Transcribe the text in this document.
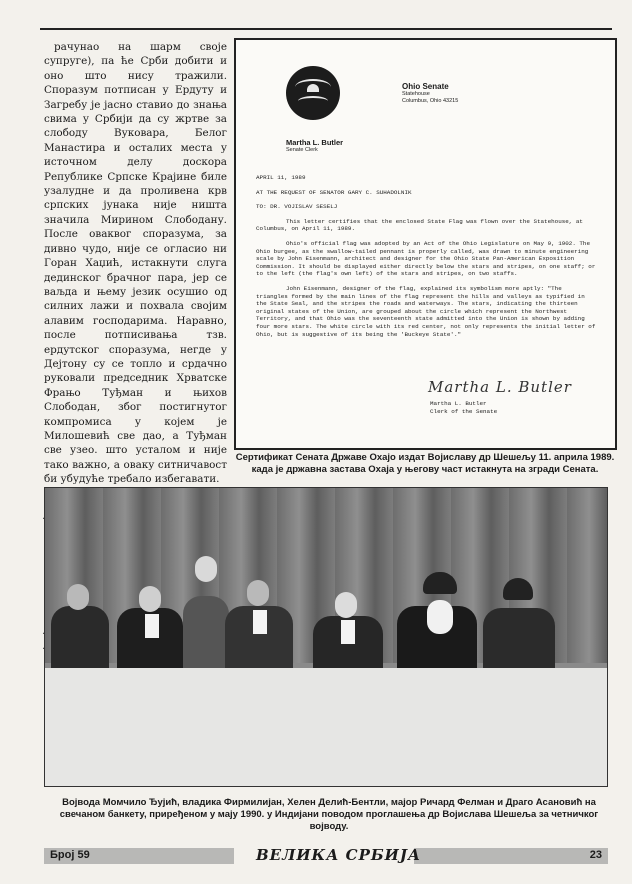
рачунао на шарм своје супруге), па ће Срби добити и оно што нису тражили. Споразум потписан у Ердуту и Загребу је јасно ставио до знања свима у Србији да су жртве за слободу Вуковара, Белог Манастира и осталих места у источном делу доскора Републике Српске Крајине биле узалудне и да проливена крв српских јунака није ништа значила Мирином Слободану. После оваквог споразума, за дивно чудо, није се огласио ни Горан Хаџић, истакнути слуга дединског брачног пара, јер се ваљда и њему језик осушио од силних лажи и похвала својим алавим господарима. Наравно, после потписивања тзв. ердутског споразума, негде у Дејтону су се топло и срдачно руковали председник Хрватске Фрањо Туђман и њихов Слободан, због постигнутог компромиса у којем је Милошевић све дао, а Туђман све узео. што усталом и није тако важно, а оваку ситничавост би убудуће требало избегавати.

Martha L. Butler
Senate Clerk
Ohio Senate
Statehouse
Columbus, Ohio 43215
APRIL 11, 1989
AT THE REQUEST OF SENATOR GARY C. SUHADOLNIK
TO: DR. VOJISLAV SESELJ
This letter certifies that the enclosed State Flag was flown over the Statehouse, at Columbus, on April 11, 1989.
Ohio's official flag was adopted by an Act of the Ohio Legislature on May 9, 1902. The Ohio burgee, as the swallow-tailed pennant is properly called, was drawn to minute engineering scale by John Eisenmann, architect and designer for the Ohio State Pan-American Exposition Commission. It should be displayed either directly below the stars and stripes, on one staff; or to the left (the flag's own left) of the stars and stripes, on two staffs.
John Eisenmann, designer of the flag, explained its symbolism more aptly: "The triangles formed by the main lines of the flag represent the hills and valleys as typified in the State Seal, and the stripes the roads and waterways. The stars, indicating the thirteen original states of the Union, are grouped about the circle which represent the Northwest Territory, and that Ohio was the seventeenth state admitted into the Union is shown by adding four more stars. The white circle with its red center, not only represents the initial letter of Ohio, but is suggestive of its being the 'Buckeye State'."
Martha L. Butler
Martha L. Butler
Clerk of the Senate
Сертификат Сената Државе Охајо издат Војиславу др Шешељу 11. априла 1989. када је државна застава Охаја у његову част истакнута на згради Сената.
Војвода Момчило Ђујић, владика Фирмилијан, Хелен Делић-Бентли, мајор Ричард Фелман и Драго Асановић на свечаном банкету, приређеном у мају 1990. у Индијани поводом проглашења др Војислава Шешеља за четничког војводу.
Број 59	ВЕЛИКА СРБИЈА	23
